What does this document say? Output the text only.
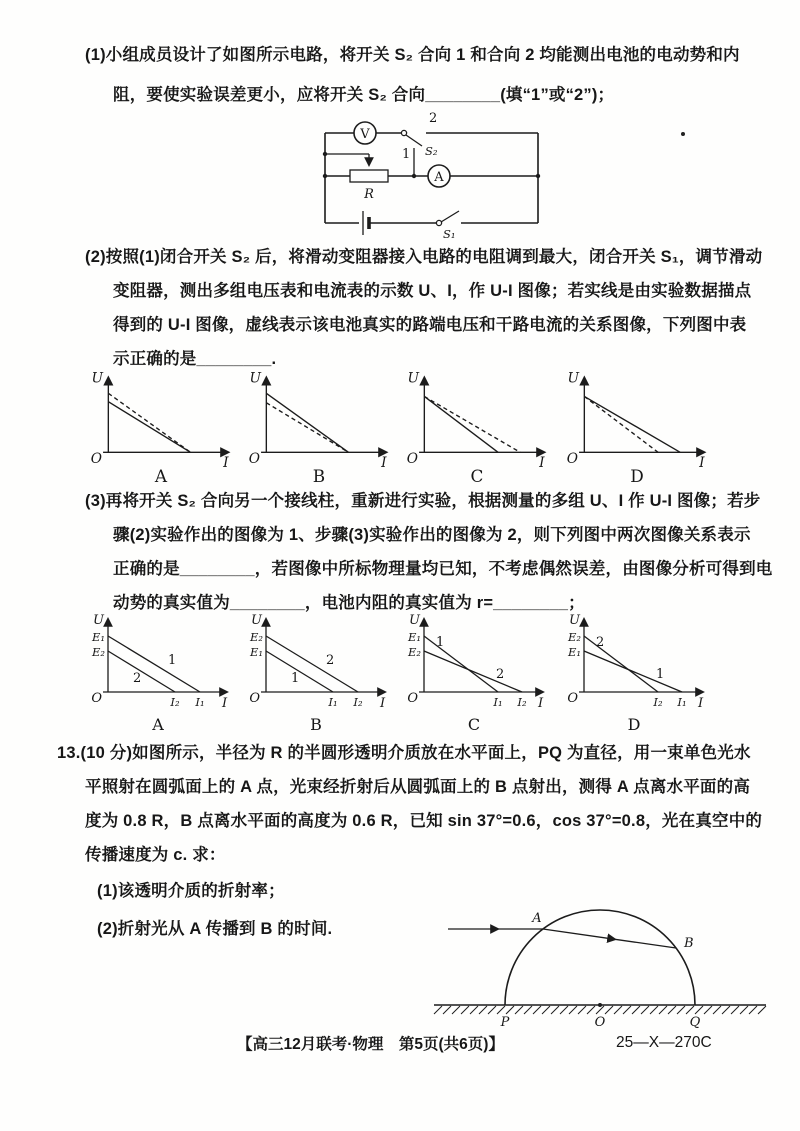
(1)小组成员设计了如图所示电路，将开关 S₂ 合向 1 和合向 2 均能测出电池的电动势和内
阻，要使实验误差更小，应将开关 S₂ 合向________(填“1”或“2”)；
V
S₂
2
1
R
A
S₁
(2)按照(1)闭合开关 S₂ 后，将滑动变阻器接入电路的电阻调到最大，闭合开关 S₁，调节滑动
变阻器，测出多组电压表和电流表的示数 U、I，作 U-I 图像；若实线是由实验数据描点
得到的 U-I 图像，虚线表示该电池真实的路端电压和干路电流的关系图像，下列图中表
示正确的是________.
U
O	I
A
U
O	I
B
U
O	I
C
U
O	I
D
(3)再将开关 S₂ 合向另一个接线柱，重新进行实验，根据测量的多组 U、I 作 U-I 图像；若步
骤(2)实验作出的图像为 1、步骤(3)实验作出的图像为 2，则下列图中两次图像关系表示
正确的是________，若图像中所标物理量均已知，不考虑偶然误差，由图像分析可得到电
动势的真实值为________，电池内阻的真实值为 r=________；
U
O	I
E₁
E₂
1
2
I₂ I₁
A
U
O	I
E₂
E₁
2
1
I₁ I₂
B
U
O	I
E₁
E₂
1
2
I₁ I₂
C
U
O	I
E₂
E₁
2
1
I₂ I₁
D
13.(10 分)如图所示，半径为 R 的半圆形透明介质放在水平面上，PQ 为直径，用一束单色光水
平照射在圆弧面上的 A 点，光束经折射后从圆弧面上的 B 点射出，测得 A 点离水平面的高
度为 0.8 R，B 点离水平面的高度为 0.6 R，已知 sin 37°=0.6，cos 37°=0.8，光在真空中的
传播速度为 c. 求：
(1)该透明介质的折射率；
(2)折射光从 A 传播到 B 的时间.
A
B
P	O	Q
【高三12月联考·物理　第5页(共6页)】	25—X—270C
